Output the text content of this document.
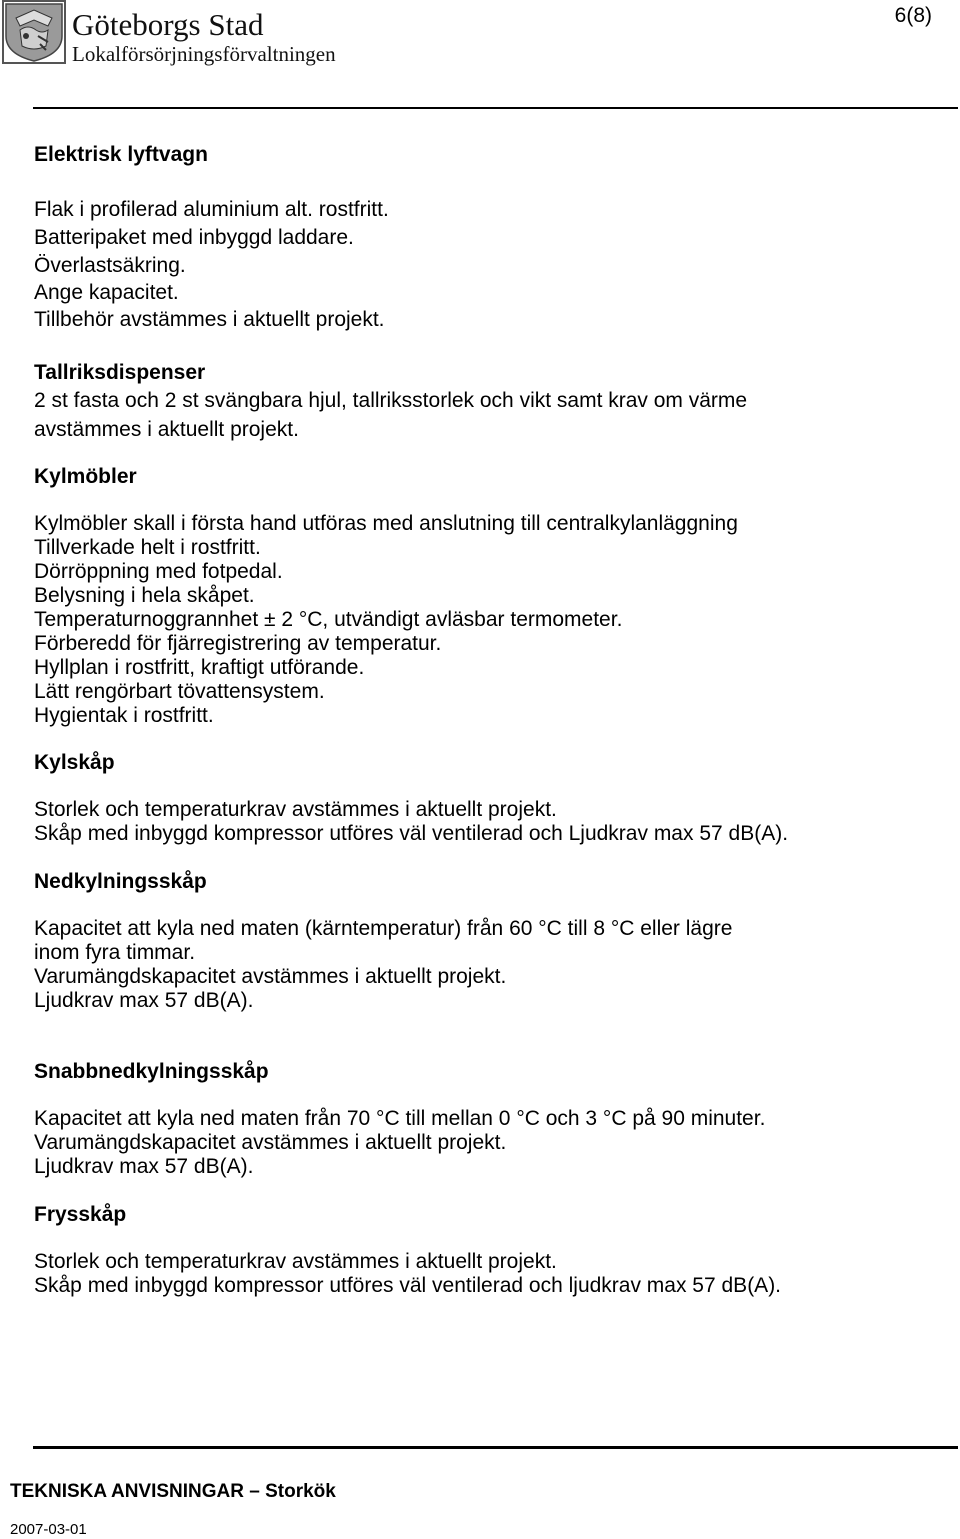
Göteborgs Stad
Lokalförsörjningsförvaltningen
6(8)
Elektrisk lyftvagn
Flak i profilerad aluminium alt. rostfritt.
Batteripaket med inbyggd laddare.
Överlastsäkring.
Ange kapacitet.
Tillbehör avstämmes i aktuellt projekt.
Tallriksdispenser
2 st fasta och 2 st svängbara hjul, tallriksstorlek och vikt samt krav om värme
avstämmes i aktuellt projekt.
Kylmöbler
Kylmöbler skall i första hand utföras med anslutning till centralkylanläggning
Tillverkade helt i rostfritt.
Dörröppning med fotpedal.
Belysning i hela skåpet.
Temperaturnoggrannhet ± 2 °C, utvändigt avläsbar termometer.
Förberedd för fjärregistrering av temperatur.
Hyllplan i rostfritt, kraftigt utförande.
Lätt rengörbart tövattensystem.
Hygientak i rostfritt.
Kylskåp
Storlek och temperaturkrav avstämmes i aktuellt projekt.
Skåp med inbyggd kompressor utföres väl ventilerad och Ljudkrav max 57 dB(A).
Nedkylningsskåp
Kapacitet att kyla ned maten (kärntemperatur) från 60 °C till 8 °C eller lägre
inom fyra timmar.
Varumängdskapacitet avstämmes i aktuellt projekt.
Ljudkrav max 57 dB(A).
Snabbnedkylningsskåp
Kapacitet att kyla ned maten från 70 °C till mellan 0 °C och 3 °C på 90 minuter.
Varumängdskapacitet avstämmes i aktuellt projekt.
Ljudkrav max 57 dB(A).
Frysskåp
Storlek och temperaturkrav avstämmes i aktuellt projekt.
Skåp med inbyggd kompressor utföres väl ventilerad och ljudkrav max 57 dB(A).
TEKNISKA ANVISNINGAR – Storkök
2007-03-01
